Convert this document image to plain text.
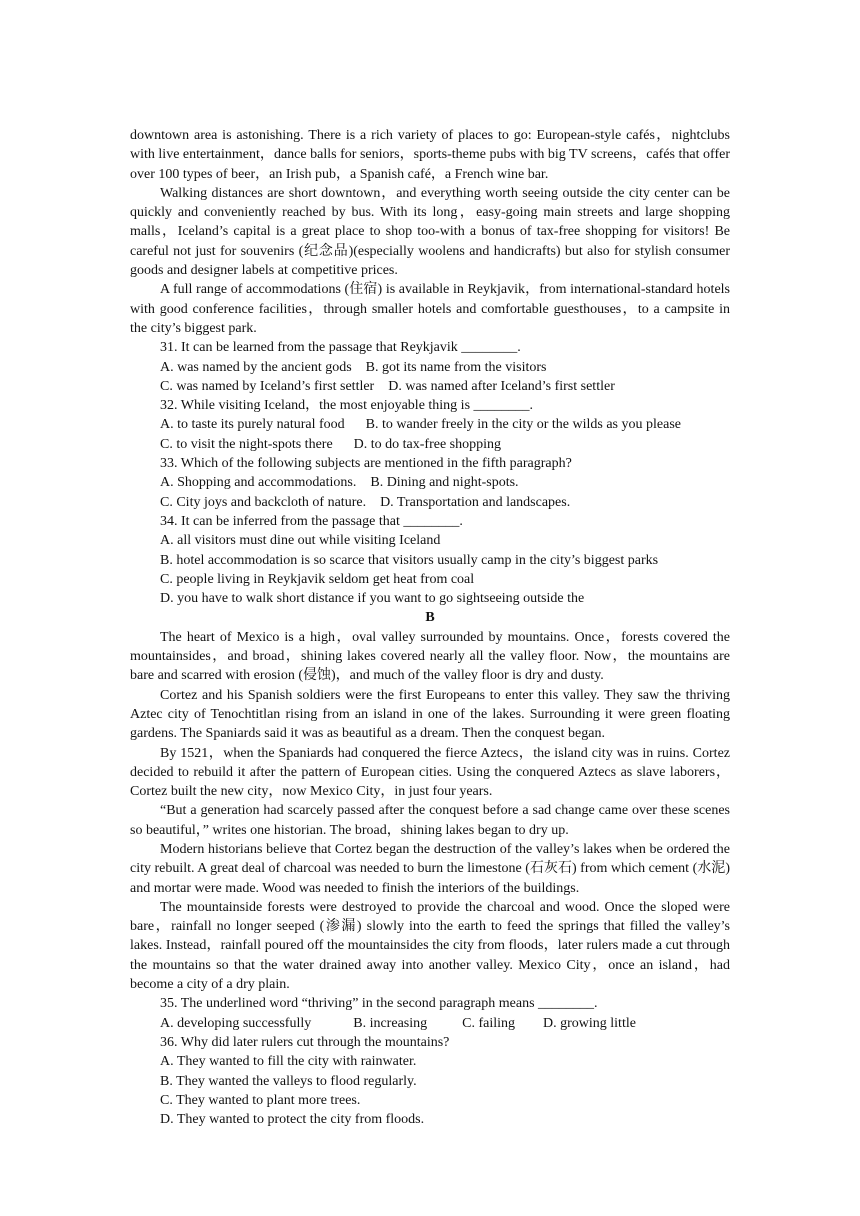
downtown area is astonishing. There is a rich variety of places to go: European-style cafés，nightclubs with live entertainment，dance balls for seniors，sports-theme pubs with big TV screens，cafés that offer over 100 types of beer，an Irish pub，a Spanish café，a French wine bar.

Walking distances are short downtown，and everything worth seeing outside the city center can be quickly and conveniently reached by bus. With its long，easy-going main streets and large shopping malls，Iceland’s capital is a great place to shop too-with a bonus of tax-free shopping for visitors! Be careful not just for souvenirs (纪念品)(especially woolens and handicrafts) but also for stylish consumer goods and designer labels at competitive prices.

A full range of accommodations (住宿) is available in Reykjavik，from international-standard hotels with good conference facilities，through smaller hotels and comfortable guesthouses，to a campsite in the city’s biggest park.

31. It can be learned from the passage that Reykjavik ________.

A. was named by the ancient gods    B. got its name from the visitors

C. was named by Iceland’s first settler    D. was named after Iceland’s first settler

32. While visiting Iceland，the most enjoyable thing is ________.

A. to taste its purely natural food      B. to wander freely in the city or the wilds as you please

C. to visit the night-spots there      D. to do tax-free shopping

33. Which of the following subjects are mentioned in the fifth paragraph?

A. Shopping and accommodations.    B. Dining and night-spots.

C. City joys and backcloth of nature.    D. Transportation and landscapes.

34. It can be inferred from the passage that ________.

A. all visitors must dine out while visiting Iceland

B. hotel accommodation is so scarce that visitors usually camp in the city’s biggest parks

C. people living in Reykjavik seldom get heat from coal

D. you have to walk short distance if you want to go sightseeing outside the

B

The heart of Mexico is a high，oval valley surrounded by mountains. Once，forests covered the mountainsides，and broad，shining lakes covered nearly all the valley floor. Now，the mountains are bare and scarred with erosion (侵蚀)，and much of the valley floor is dry and dusty.

Cortez and his Spanish soldiers were the first Europeans to enter this valley. They saw the thriving Aztec city of Tenochtitlan rising from an island in one of the lakes. Surrounding it were green floating gardens. The Spaniards said it was as beautiful as a dream. Then the conquest began.

By 1521，when the Spaniards had conquered the fierce Aztecs，the island city was in ruins. Cortez decided to rebuild it after the pattern of European cities. Using the conquered Aztecs as slave laborers，Cortez built the new city，now Mexico City，in just four years.

“But a generation had scarcely passed after the conquest before a sad change came over these scenes so beautiful，” writes one historian. The broad，shining lakes began to dry up.

Modern historians believe that Cortez began the destruction of the valley’s lakes when be ordered the city rebuilt. A great deal of charcoal was needed to burn the limestone (石灰石) from which cement (水泥) and mortar were made. Wood was needed to finish the interiors of the buildings.

The mountainside forests were destroyed to provide the charcoal and wood. Once the sloped were bare，rainfall no longer seeped (渗漏) slowly into the earth to feed the springs that filled the valley’s lakes. Instead，rainfall poured off the mountainsides the city from floods，later rulers made a cut through the mountains so that the water drained away into another valley. Mexico City，once an island，had become a city of a dry plain.

35. The underlined word “thriving” in the second paragraph means ________.

A. developing successfully            B. increasing          C. failing        D. growing little

36. Why did later rulers cut through the mountains?

A. They wanted to fill the city with rainwater.

B. They wanted the valleys to flood regularly.

C. They wanted to plant more trees.

D. They wanted to protect the city from floods.
